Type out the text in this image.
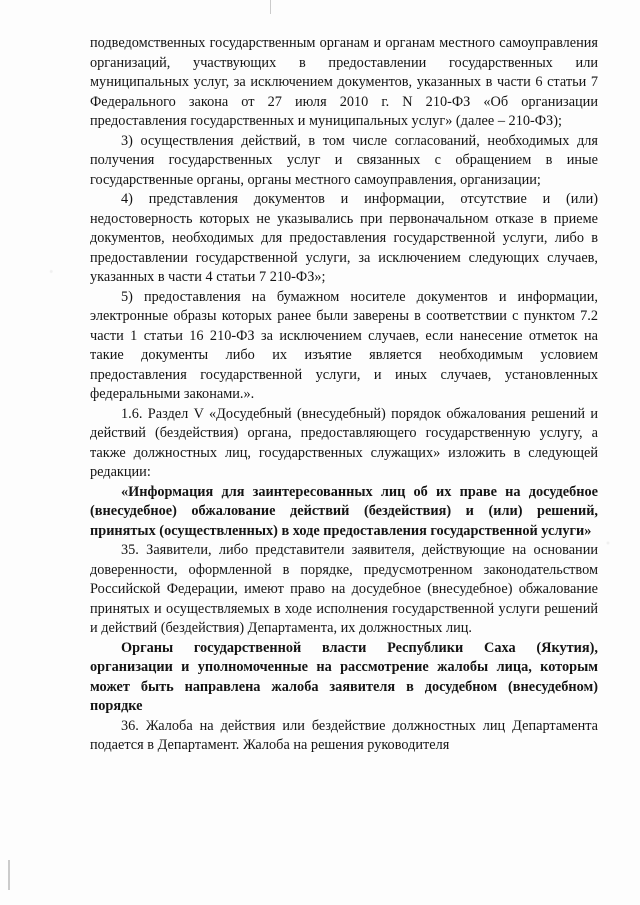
подведомственных государственным органам и органам местного самоуправления организаций, участвующих в предоставлении государственных или муниципальных услуг, за исключением документов, указанных в части 6 статьи 7 Федерального закона от 27 июля 2010 г. N 210-ФЗ «Об организации предоставления государственных и муниципальных услуг» (далее – 210-ФЗ);

3) осуществления действий, в том числе согласований, необходимых для получения государственных услуг и связанных с обращением в иные государственные органы, органы местного самоуправления, организации;

4) представления документов и информации, отсутствие и (или) недостоверность которых не указывались при первоначальном отказе в приеме документов, необходимых для предоставления государственной услуги, либо в предоставлении государственной услуги, за исключением следующих случаев, указанных в части 4 статьи 7 210-ФЗ»;

5) предоставления на бумажном носителе документов и информации, электронные образы которых ранее были заверены в соответствии с пунктом 7.2 части 1 статьи 16 210-ФЗ за исключением случаев, если нанесение отметок на такие документы либо их изъятие является необходимым условием предоставления государственной услуги, и иных случаев, установленных федеральными законами.».

1.6. Раздел V «Досудебный (внесудебный) порядок обжалования решений и действий (бездействия) органа, предоставляющего государственную услугу, а также должностных лиц, государственных служащих» изложить в следующей редакции:

«Информация для заинтересованных лиц об их праве на досудебное (внесудебное) обжалование действий (бездействия) и (или) решений, принятых (осуществленных) в ходе предоставления государственной услуги»

35. Заявители, либо представители заявителя, действующие на основании доверенности, оформленной в порядке, предусмотренном законодательством Российской Федерации, имеют право на досудебное (внесудебное) обжалование принятых и осуществляемых в ходе исполнения государственной услуги решений и действий (бездействия) Департамента, их должностных лиц.

Органы государственной власти Республики Саха (Якутия), организации и уполномоченные на рассмотрение жалобы лица, которым может быть направлена жалоба заявителя в досудебном (внесудебном) порядке

36. Жалоба на действия или бездействие должностных лиц Департамента подается в Департамент. Жалоба на решения руководителя
